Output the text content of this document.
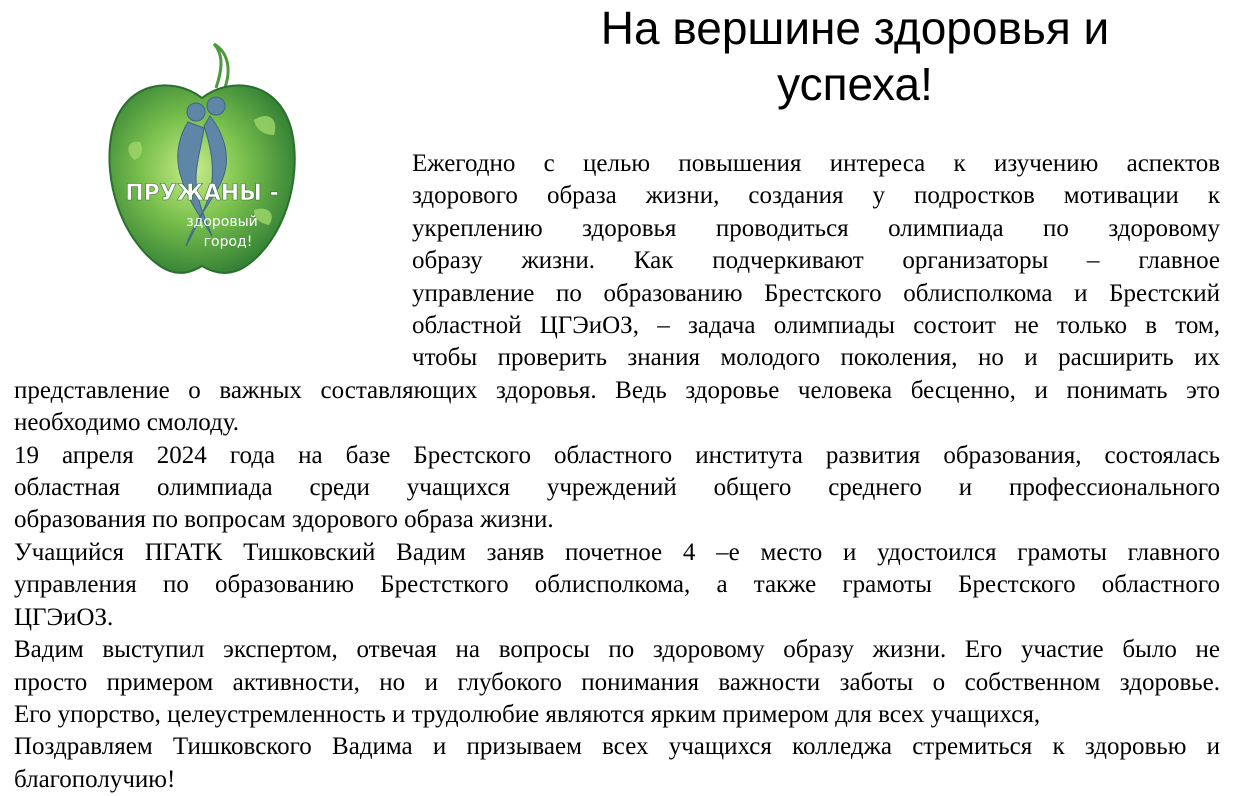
ПРУЖАНЫ -
здоровый
город!
На вершине здоровья и
успеха!

Ежегодно с целью повышения интереса к изучению аспектов
здорового образа жизни, создания у подростков мотивации к
укреплению здоровья проводиться олимпиада по здоровому
образу жизни. Как подчеркивают организаторы – главное
управление по образованию Брестского облисполкома и Брестский
областной ЦГЭиОЗ, – задача олимпиады состоит не только в том,
чтобы проверить знания молодого поколения, но и расширить их

представление о важных составляющих здоровья. Ведь здоровье человека бесценно, и понимать это
необходимо смолоду.

19 апреля 2024 года на базе Брестского областного института развития образования, состоялась
областная олимпиада среди учащихся учреждений общего среднего и профессионального
образования по вопросам здорового образа жизни.

Учащийся ПГАТК Тишковский Вадим заняв почетное 4 –е место и удостоился грамоты главного
управления по образованию Брестсткого облисполкома, а также грамоты Брестского областного
ЦГЭиОЗ.

Вадим выступил экспертом, отвечая на вопросы по здоровому образу жизни. Его участие было не
просто примером активности, но и глубокого понимания важности заботы о собственном здоровье.
Его упорство, целеустремленность и трудолюбие являются ярким примером для всех учащихся,
Поздравляем Тишковского Вадима и призываем всех учащихся колледжа стремиться к здоровью и
благополучию!
